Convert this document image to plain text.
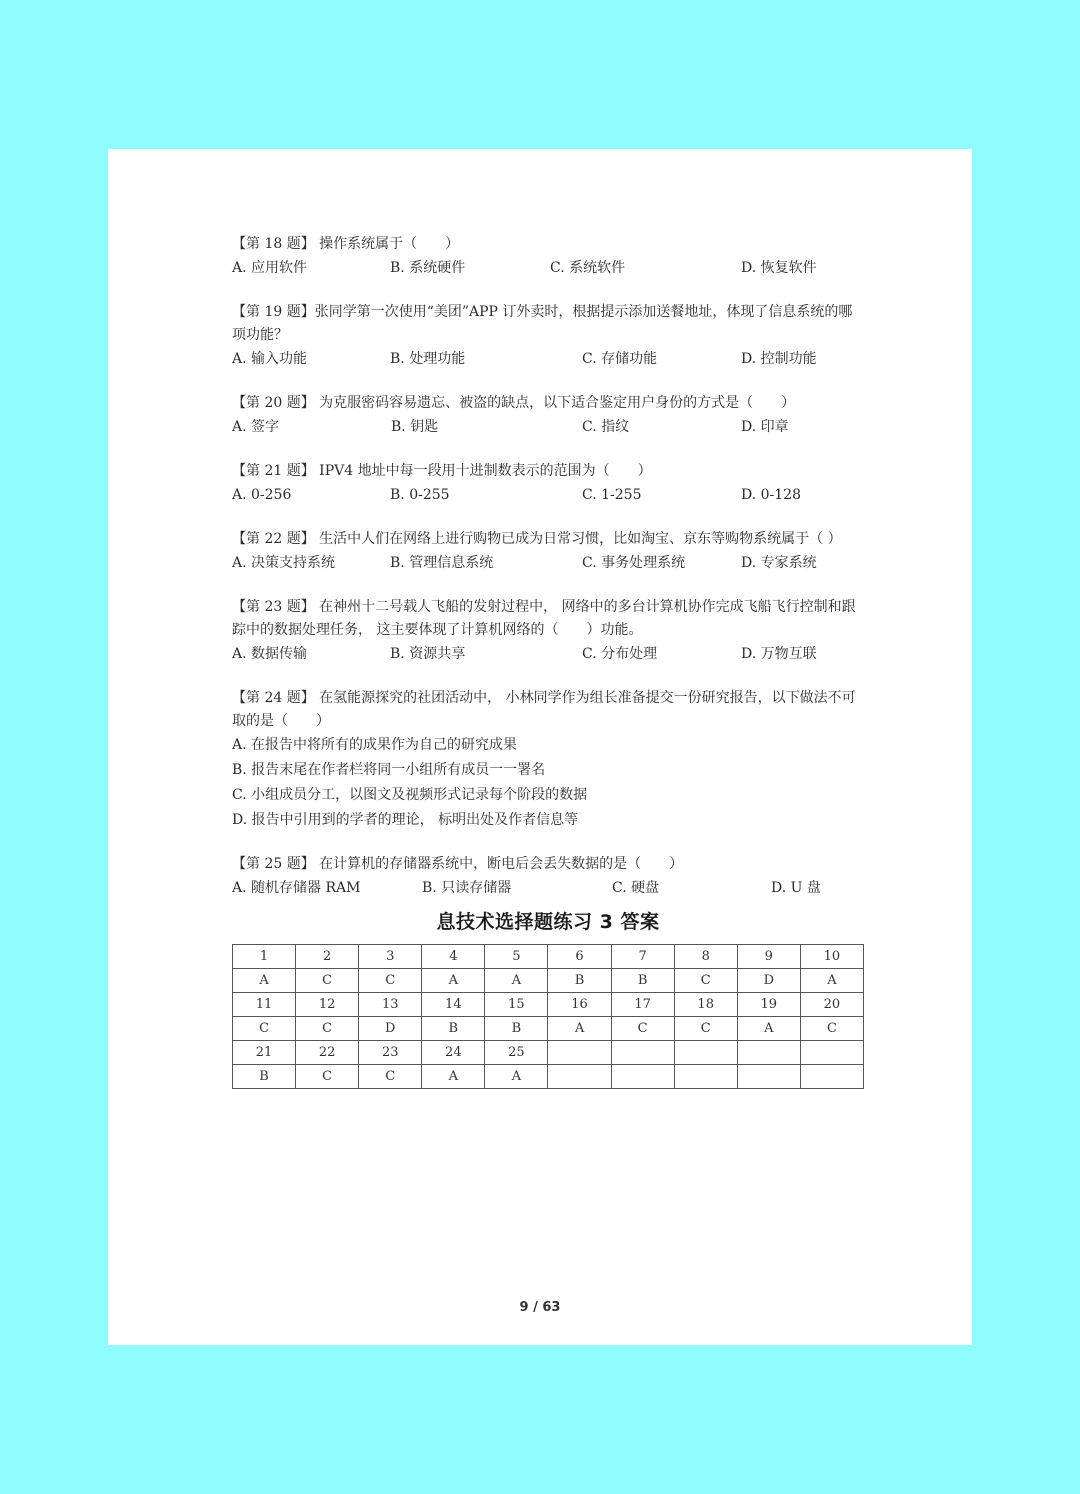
【第 18 题】 操作系统属于（　　）
A. 应用软件	B. 系统硬件	C. 系统软件	D. 恢复软件
【第 19 题】张同学第一次使用“美团”APP 订外卖时，根据提示添加送餐地址，体现了信息系统的哪项功能？
A. 输入功能	B. 处理功能	C. 存储功能	D. 控制功能
【第 20 题】 为克服密码容易遗忘、被盗的缺点，以下适合鉴定用户身份的方式是（　　）
A. 签字	B. 钥匙	C. 指纹	D. 印章
【第 21 题】 IPV4 地址中每一段用十进制数表示的范围为（　　）
A. 0-256	B. 0-255	C. 1-255	D. 0-128
【第 22 题】 生活中人们在网络上进行购物已成为日常习惯，比如淘宝、京东等购物系统属于（ ）
A. 决策支持系统	B. 管理信息系统	C. 事务处理系统	D. 专家系统
【第 23 题】 在神州十二号载人飞船的发射过程中， 网络中的多台计算机协作完成飞船飞行控制和跟踪中的数据处理任务， 这主要体现了计算机网络的（　　）功能。
A. 数据传输	B. 资源共享	C. 分布处理	D. 万物互联
【第 24 题】 在氢能源探究的社团活动中， 小林同学作为组长准备提交一份研究报告，以下做法不可取的是（　　）
A. 在报告中将所有的成果作为自己的研究成果
B. 报告末尾在作者栏将同一小组所有成员一一署名
C. 小组成员分工，以图文及视频形式记录每个阶段的数据
D. 报告中引用到的学者的理论， 标明出处及作者信息等
【第 25 题】 在计算机的存储器系统中，断电后会丢失数据的是（　　）
A. 随机存储器 RAM	B. 只读存储器	C. 硬盘	D. U 盘
息技术选择题练习 3 答案
1	2	3	4	5	6	7	8	9	10
A	C	C	A	A	B	B	C	D	A
11	12	13	14	15	16	17	18	19	20
C	C	D	B	B	A	C	C	A	C
21	22	23	24	25					
B	C	C	A	A					
9 / 63
